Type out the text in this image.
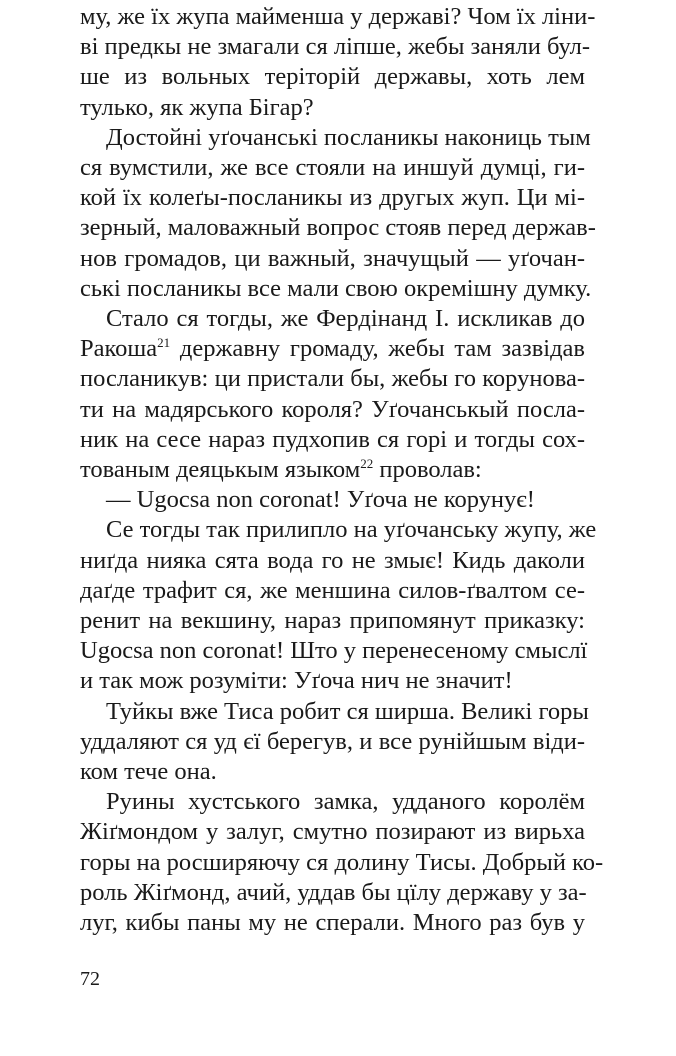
му, же їх жупа майменша у державі? Чом їх ліни-
ві предкы не змагали ся ліпше, жебы заняли бул-
ше из вольных теріторій державы, хоть лем
тулько, як жупа Бігар?

Достойні уґочанські посланикы накониць тым
ся вумстили, же все стояли на иншуй думці, ги-
кой їх колеґы-посланикы из другых жуп. Ци мі-
зерный, маловажный вопрос стояв перед держав-
нов громадов, ци важный, значущый — уґочан-
ські посланикы все мали свою окремішну думку.

Стало ся тогды, же Фердінанд І. искликав до
Ракоша$^{21}$ державну громаду, жебы там зазвідав
посланикув: ци пристали бы, жебы го корунова-
ти на мадярського короля? Уґочанськый послa-
ник на сесе нараз пудхопив ся горі и тогды сох-
тованым деяцькым языком$^{22}$ проволав:

— Ugocsa non coronat! Уґоча не корунує!

Се тогды так прилипло на уґочанську жупу, же
ниґда нияка сята вода го не змыє! Кидь даколи
даґде трафит ся, же меншина силов-ґвалтом се-
ренит на векшину, нараз припомянут приказку:
Ugocsa non coronat! Што у перенесеному смыслї
и так мож розуміти: Уґоча нич не значит!

Туйкы вже Тиса робит ся ширша. Великі горы
уддаляют ся уд єї берегув, и все рунійшым віди-
ком тече она.

Руины хустського замка, удданого королём
Жіґмондом у залуг, смутно позирают из вирьха
горы на росширяючу ся долину Тисы. Добрый ко-
роль Жіґмонд, ачий, уддав бы цїлу державу у за-
луг, кибы паны му не сперали. Много раз був у

72
